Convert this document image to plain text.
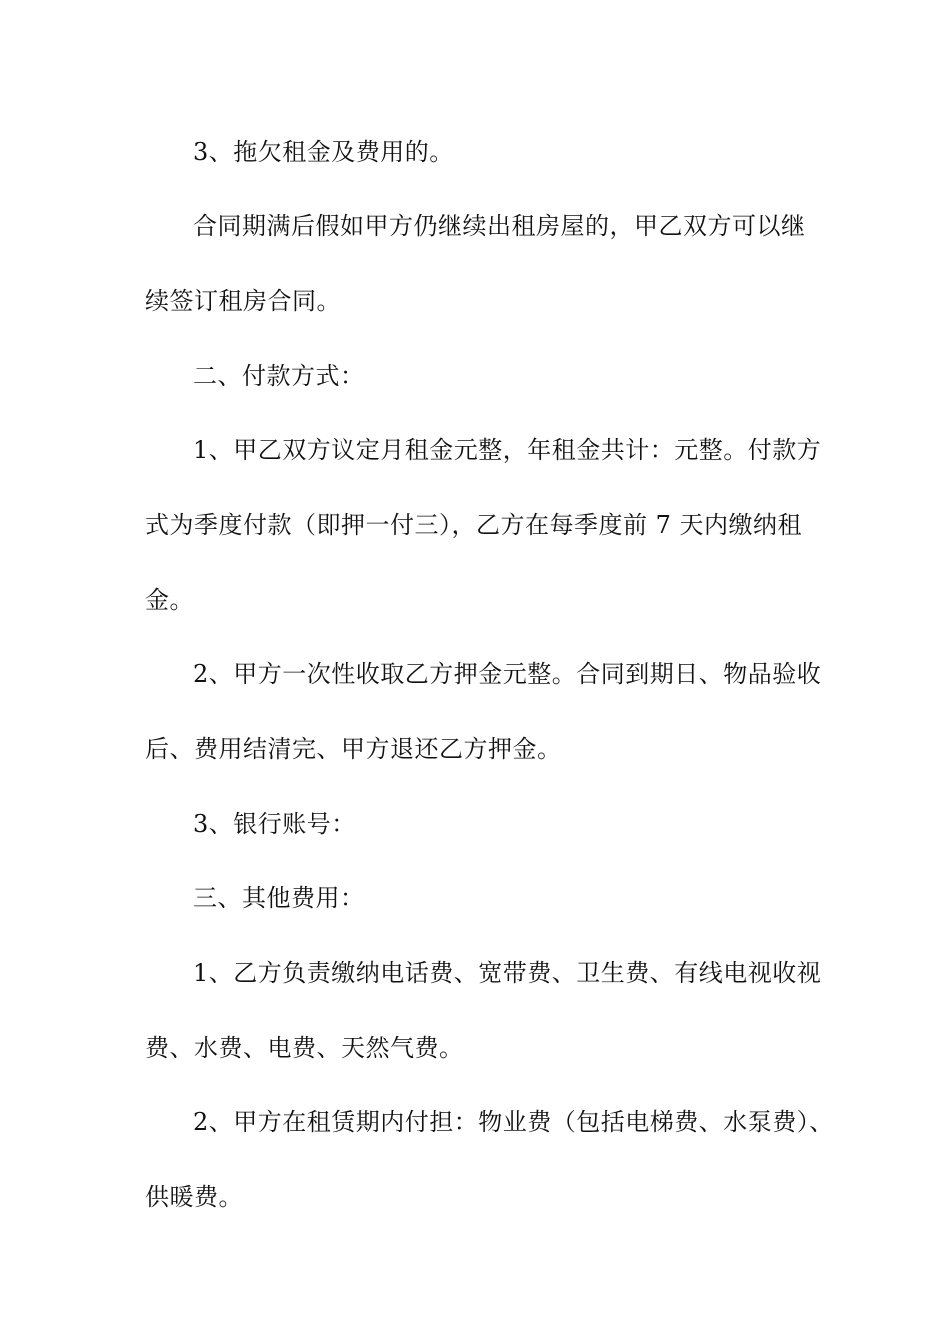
3、拖欠租金及费用的。
合同期满后假如甲方仍继续出租房屋的，甲乙双方可以继
续签订租房合同。
二、付款方式：
1、甲乙双方议定月租金元整，年租金共计：元整。付款方
式为季度付款（即押一付三），乙方在每季度前 7 天内缴纳租
金。
2、甲方一次性收取乙方押金元整。合同到期日、物品验收
后、费用结清完、甲方退还乙方押金。
3、银行账号：
三、其他费用：
1、乙方负责缴纳电话费、宽带费、卫生费、有线电视收视
费、水费、电费、天然气费。
2、甲方在租赁期内付担：物业费（包括电梯费、水泵费）、
供暖费。
